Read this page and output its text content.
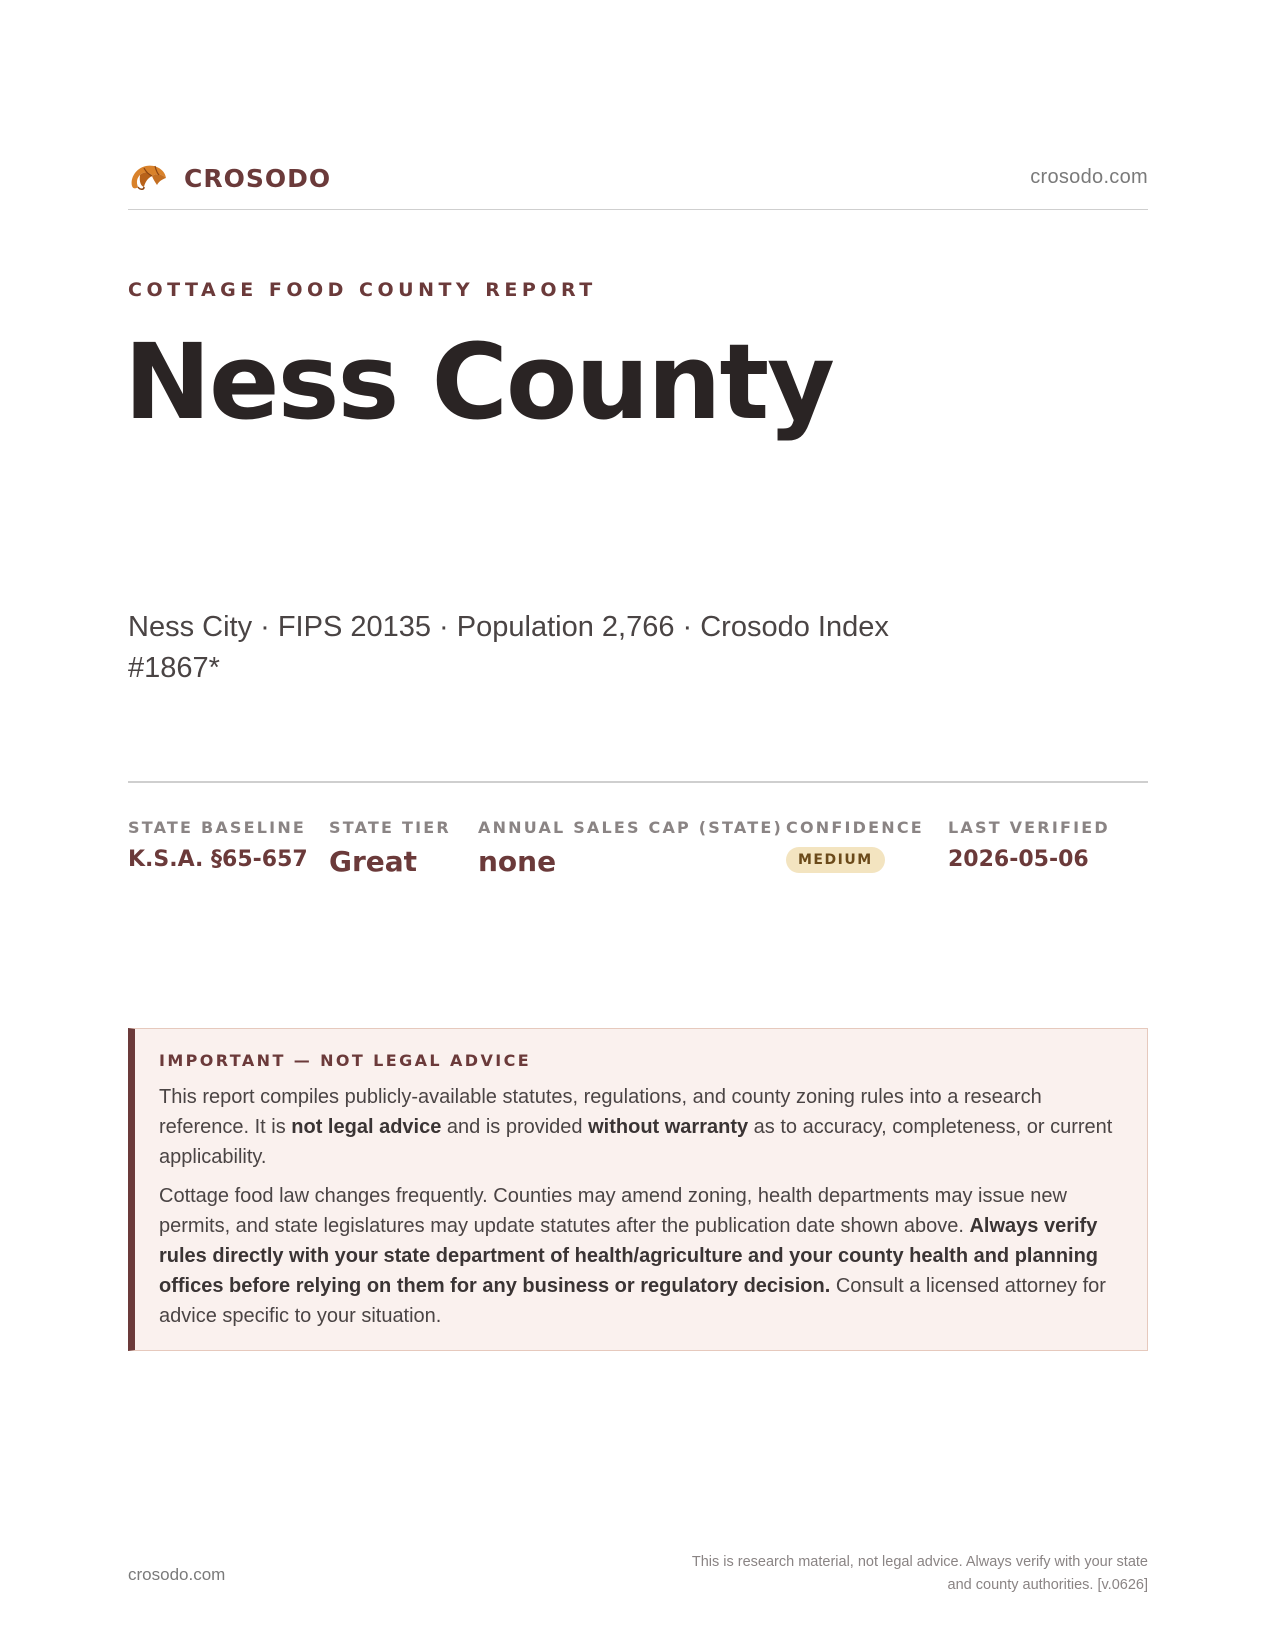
CROSODO	crosodo.com
COTTAGE FOOD COUNTY REPORT
Ness County
Ness City · FIPS 20135 · Population 2,766 · Crosodo Index #1867*
STATE BASELINE
K.S.A. §65-657
STATE TIER
Great
ANNUAL SALES CAP (STATE)
none
CONFIDENCE
MEDIUM
LAST VERIFIED
2026-05-06
IMPORTANT — NOT LEGAL ADVICE

This report compiles publicly-available statutes, regulations, and county zoning rules into a research reference. It is not legal advice and is provided without warranty as to accuracy, completeness, or current applicability.

Cottage food law changes frequently. Counties may amend zoning, health departments may issue new permits, and state legislatures may update statutes after the publication date shown above. Always verify rules directly with your state department of health/agriculture and your county health and planning offices before relying on them for any business or regulatory decision. Consult a licensed attorney for advice specific to your situation.

crosodo.com
This is research material, not legal advice. Always verify with your state
and county authorities. [v.0626]
